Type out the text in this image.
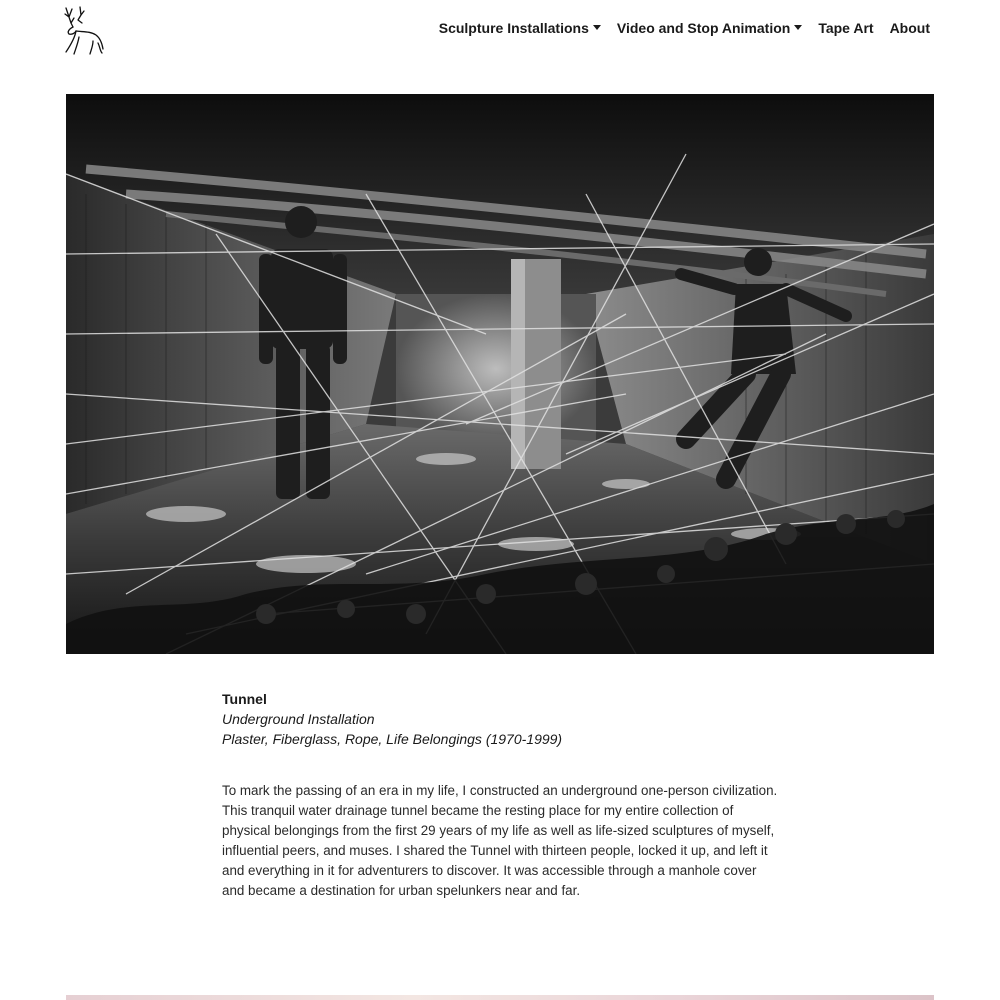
Sculpture Installations Video and Stop Animation Tape Art About
Tunnel
Underground Installation
Plaster, Fiberglass, Rope, Life Belongings (1970-1999)

To mark the passing of an era in my life, I constructed an underground one-person civilization. This tranquil water drainage tunnel became the resting place for my entire collection of physical belongings from the first 29 years of my life as well as life-sized sculptures of myself, influential peers, and muses. I shared the Tunnel with thirteen people, locked it up, and left it and everything in it for adventurers to discover. It was accessible through a manhole cover and became a destination for urban spelunkers near and far.
